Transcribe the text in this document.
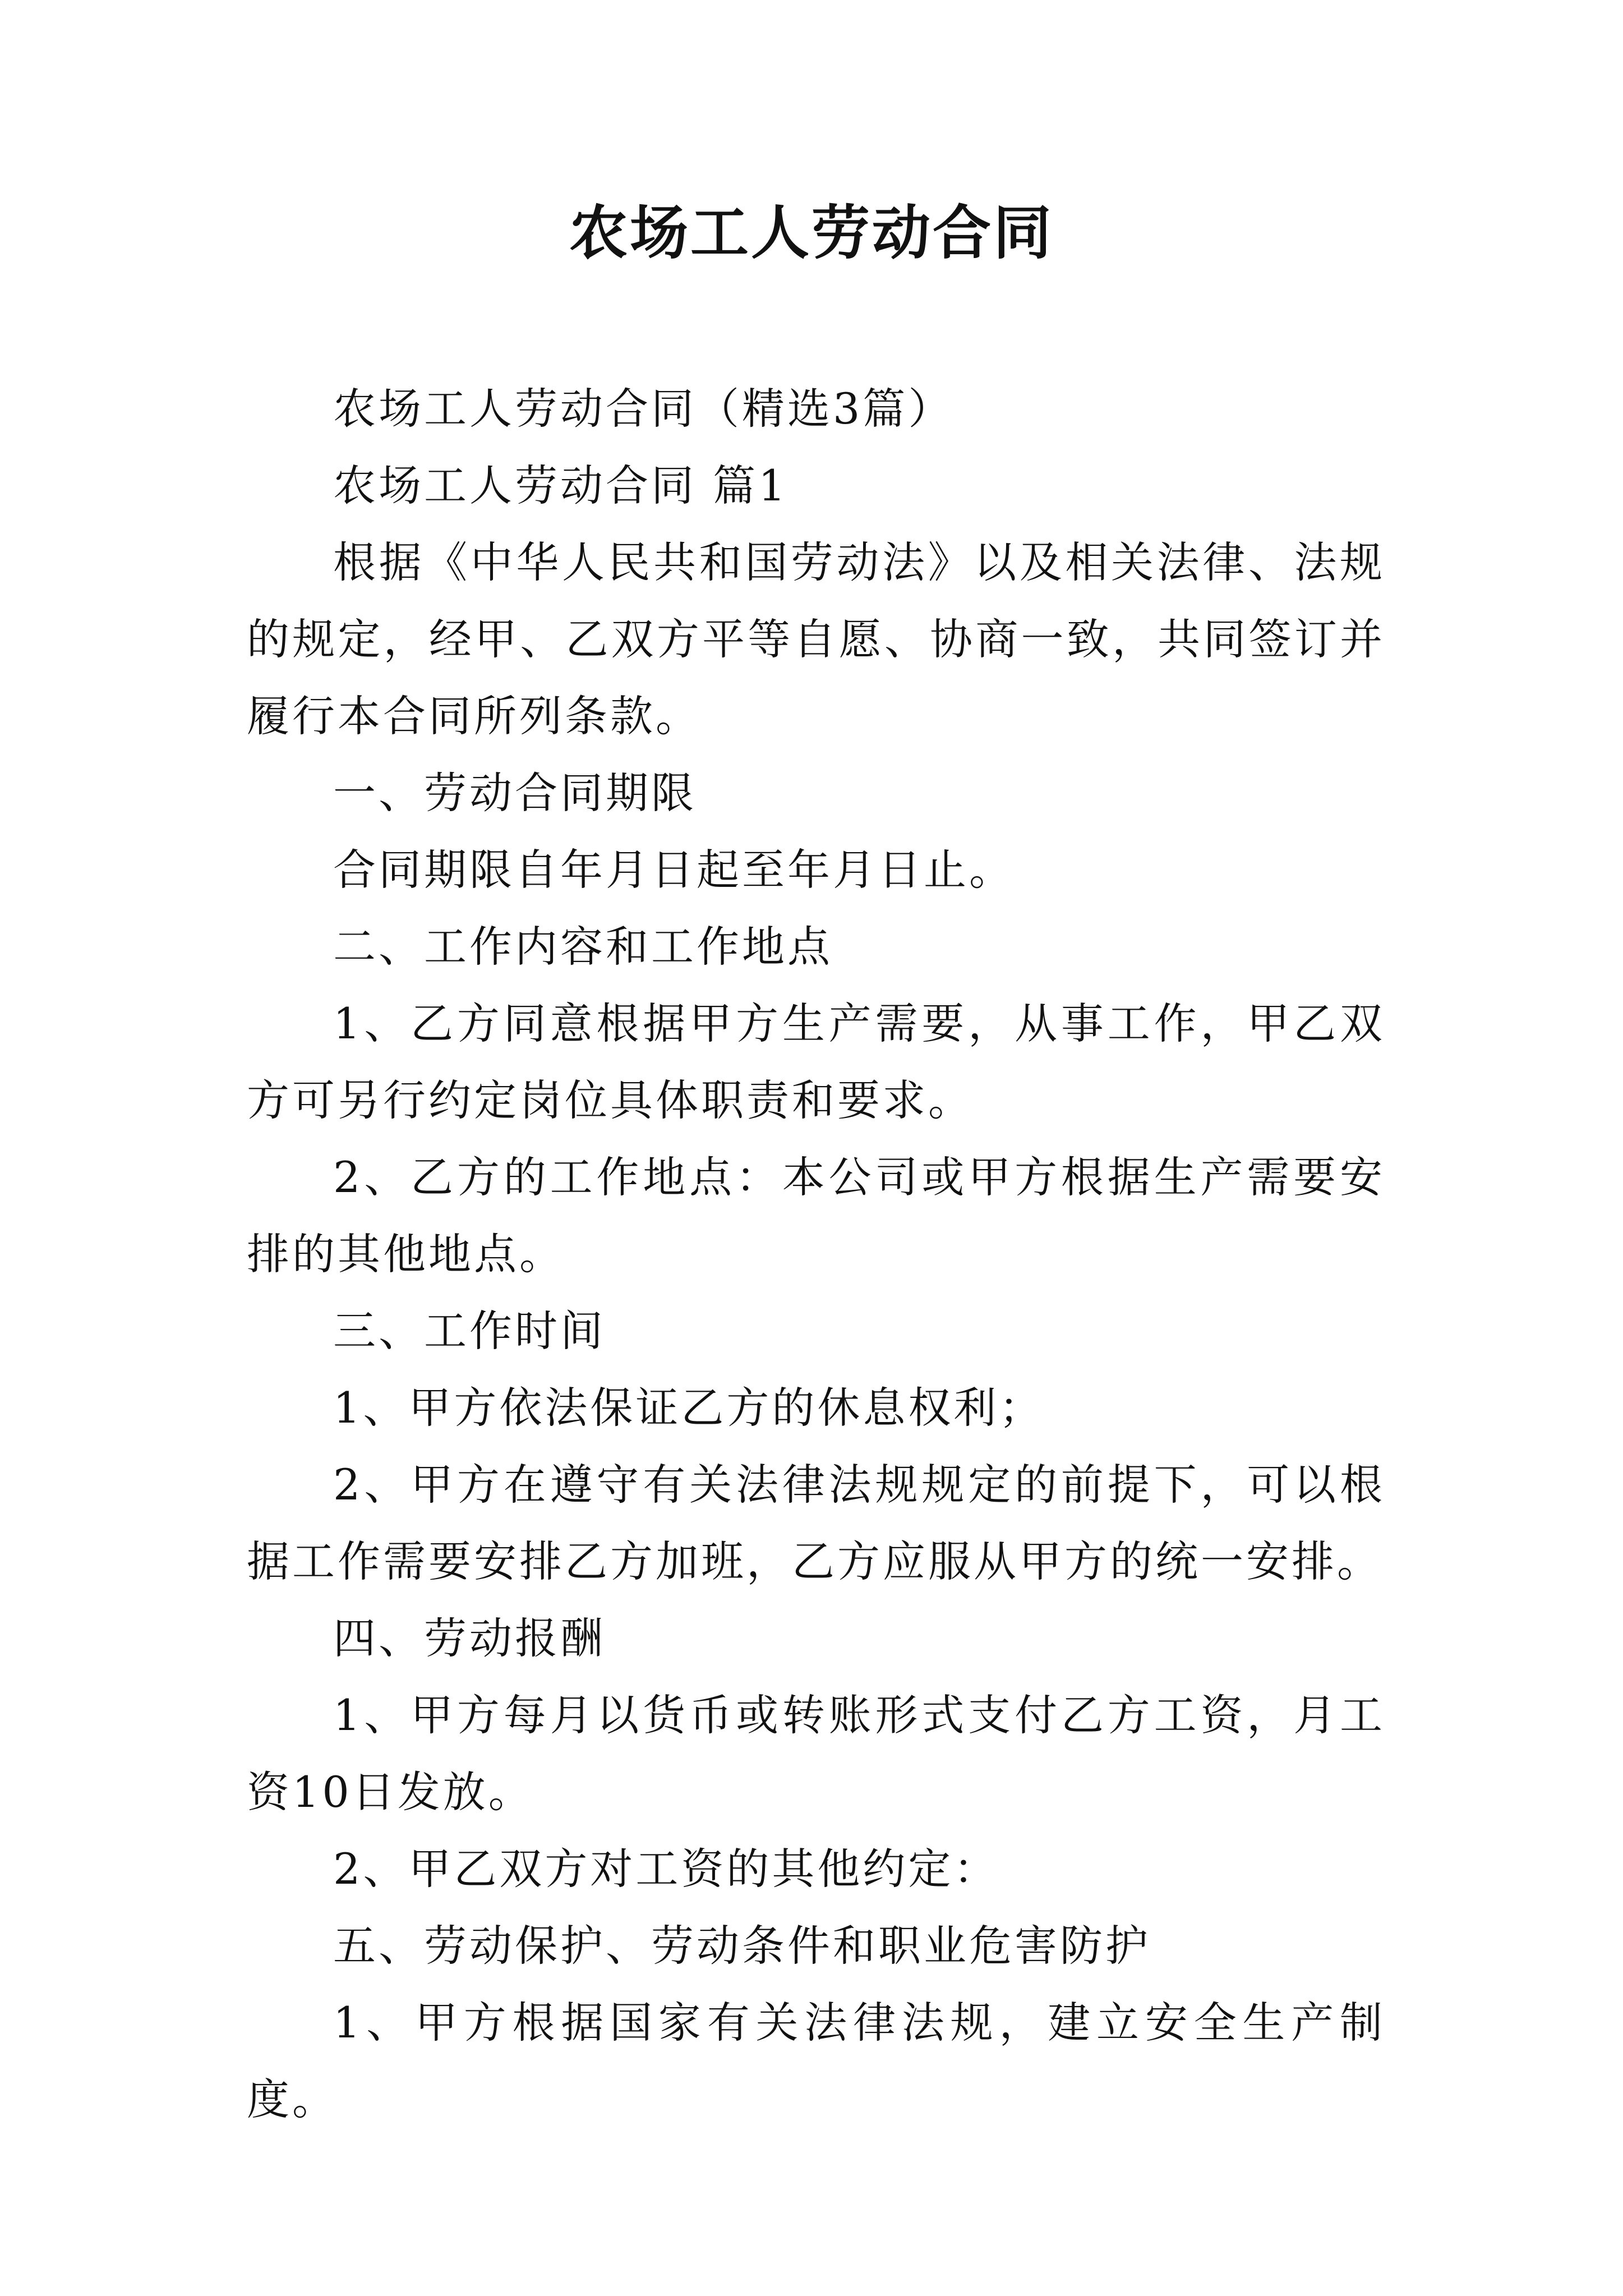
农场工人劳动合同

农场工人劳动合同（精选3篇）

农场工人劳动合同 篇1

根据《中华人民共和国劳动法》以及相关法律、法规的规定，经甲、乙双方平等自愿、协商一致，共同签订并履行本合同所列条款。

一、劳动合同期限

合同期限自年月日起至年月日止。

二、工作内容和工作地点

1、乙方同意根据甲方生产需要，从事工作，甲乙双方可另行约定岗位具体职责和要求。

2、乙方的工作地点：本公司或甲方根据生产需要安排的其他地点。

三、工作时间

1、甲方依法保证乙方的休息权利；

2、甲方在遵守有关法律法规规定的前提下，可以根据工作需要安排乙方加班，乙方应服从甲方的统一安排。

四、劳动报酬

1、甲方每月以货币或转账形式支付乙方工资，月工资10日发放。

2、甲乙双方对工资的其他约定：

五、劳动保护、劳动条件和职业危害防护

1、甲方根据国家有关法律法规，建立安全生产制度。
